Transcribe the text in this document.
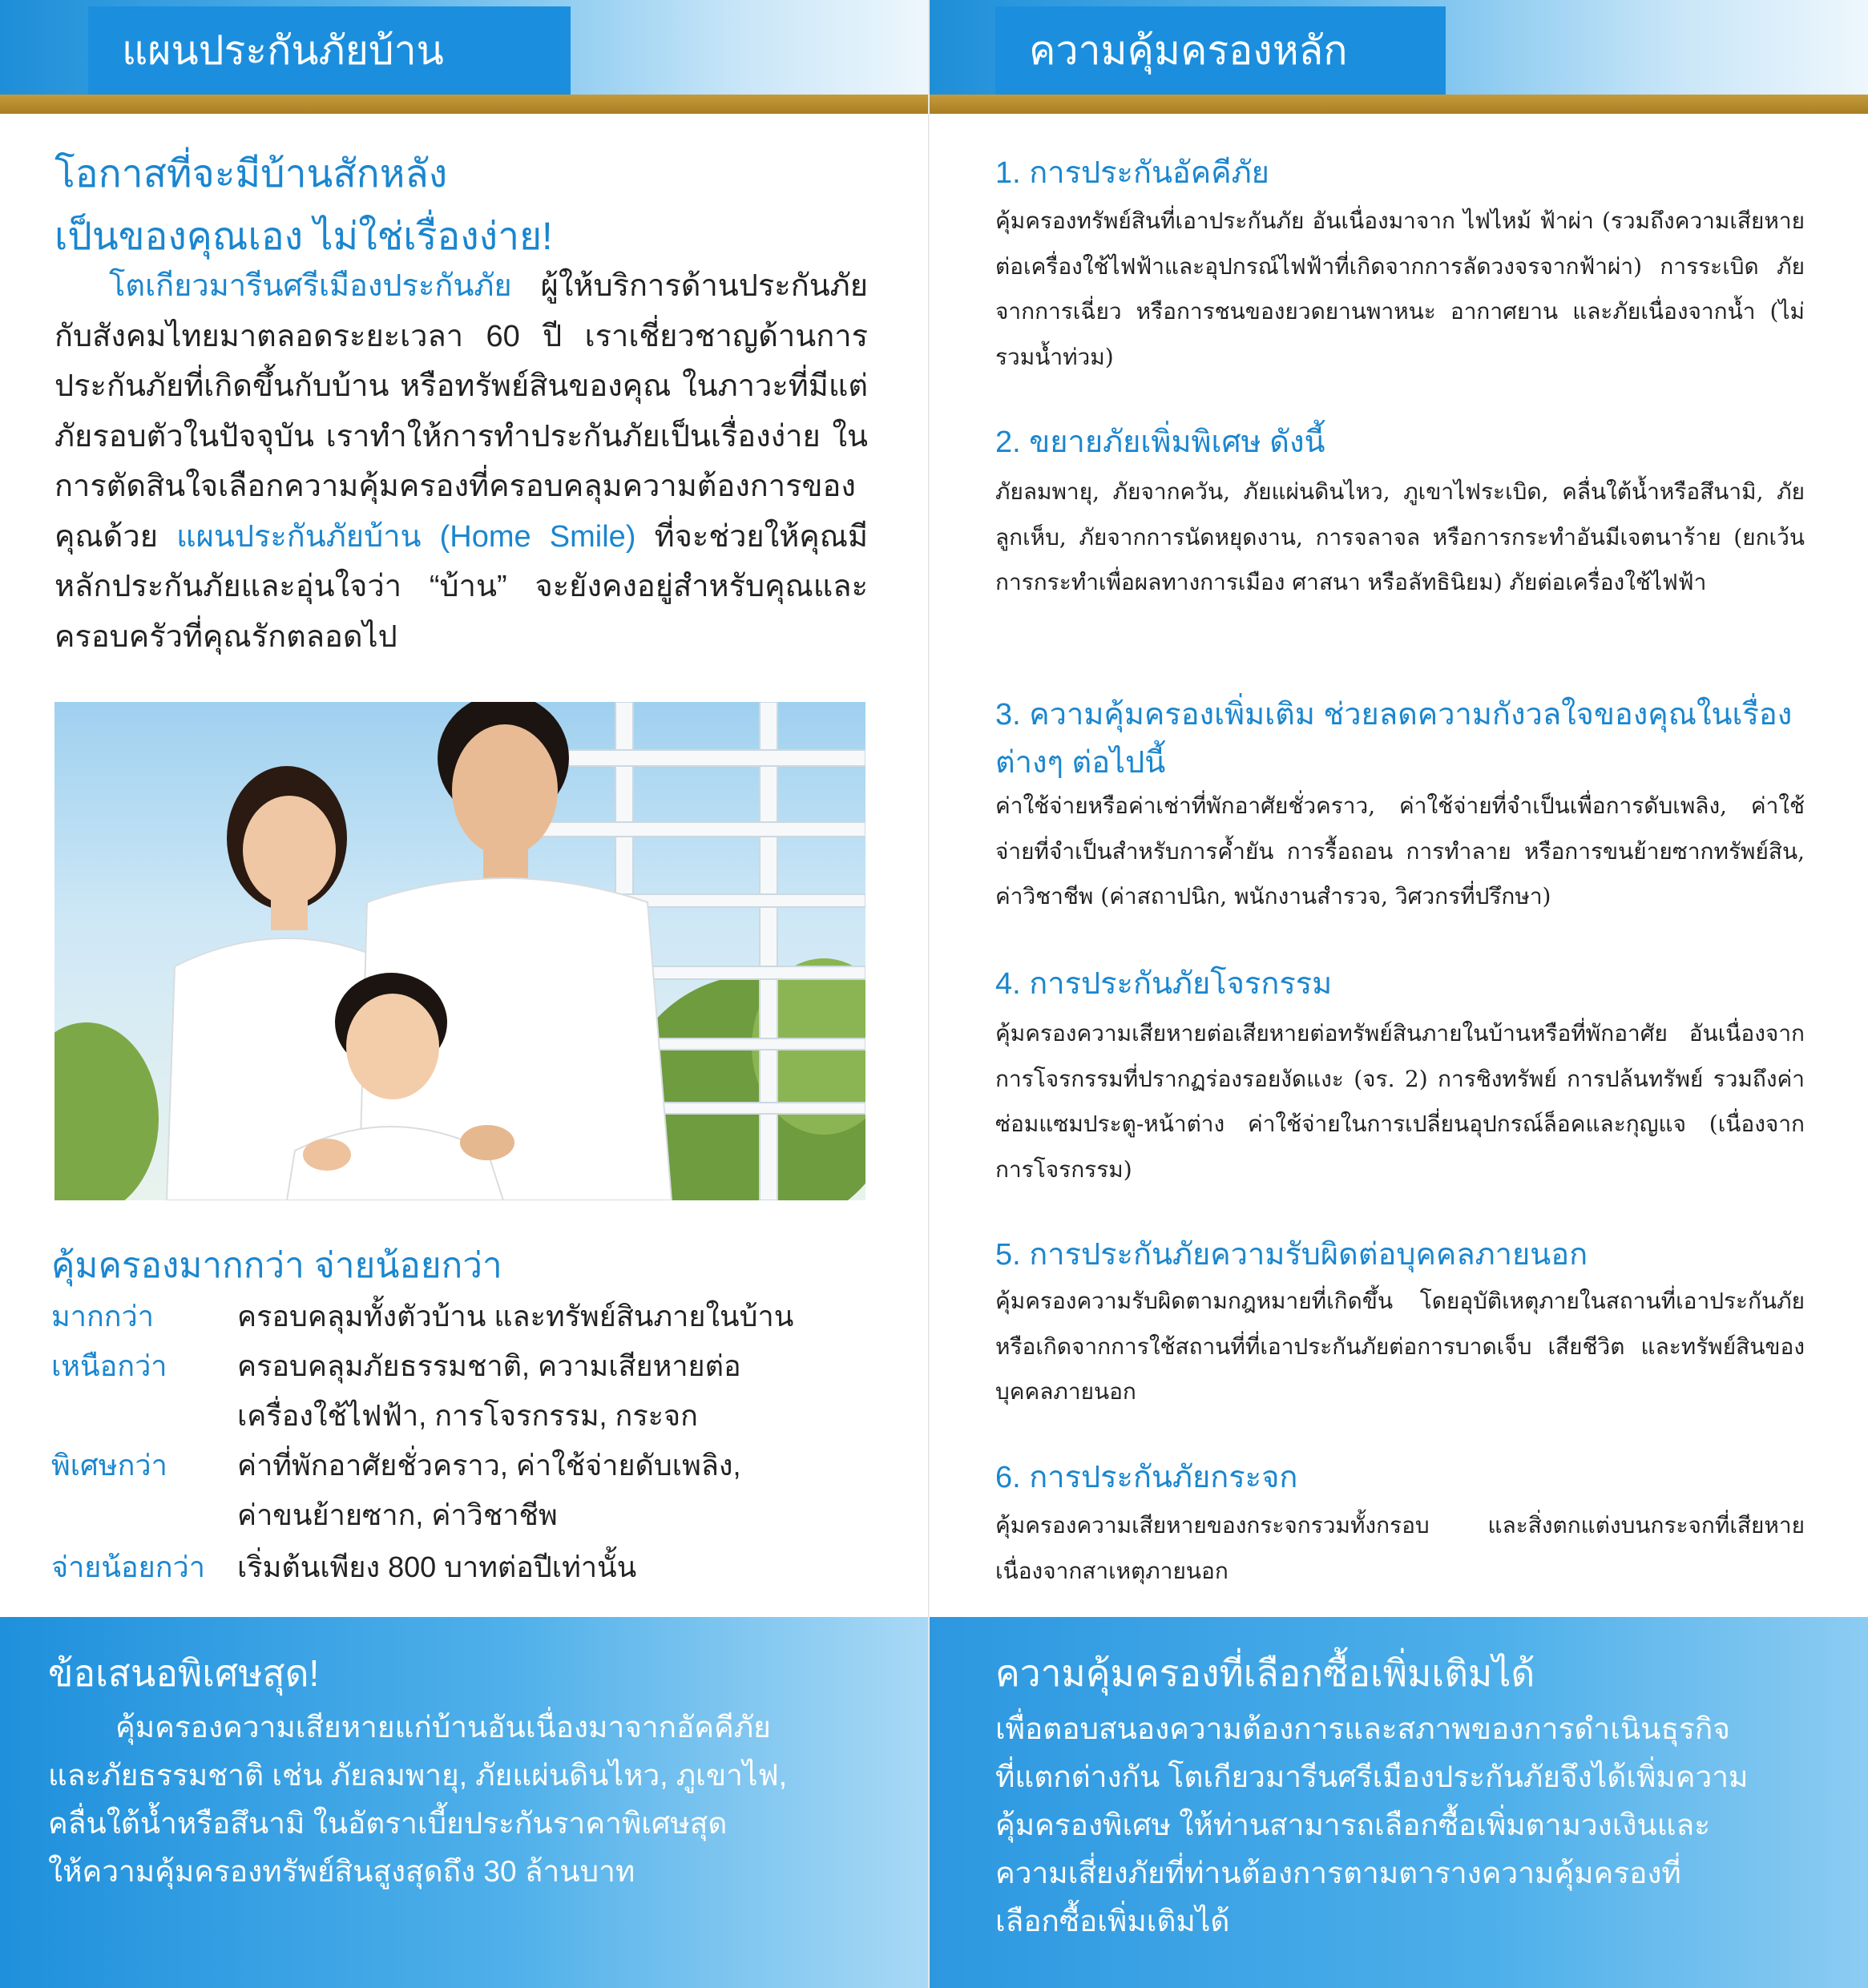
แผนประกันภัยบ้าน
โอกาสที่จะมีบ้านสักหลัง
เป็นของคุณเอง ไม่ใช่เรื่องง่าย!
โตเกียวมารีนศรีเมืองประกันภัย ผู้ให้บริการด้านประกันภัยกับสังคมไทยมาตลอดระยะเวลา 60 ปี เราเชี่ยวชาญด้านการประกันภัยที่เกิดขึ้นกับบ้าน หรือทรัพย์สินของคุณ ในภาวะที่มีแต่ภัยรอบตัวในปัจจุบัน เราทำให้การทำประกันภัยเป็นเรื่องง่าย ในการตัดสินใจเลือกความคุ้มครองที่ครอบคลุมความต้องการของคุณด้วย แผนประกันภัยบ้าน (Home Smile) ที่จะช่วยให้คุณมีหลักประกันภัยและอุ่นใจว่า “บ้าน” จะยังคงอยู่สำหรับคุณและครอบครัวที่คุณรักตลอดไป
คุ้มครองมากกว่า จ่ายน้อยกว่า
มากกว่า	ครอบคลุมทั้งตัวบ้าน และทรัพย์สินภายในบ้าน
เหนือกว่า	ครอบคลุมภัยธรรมชาติ, ความเสียหายต่อ
เครื่องใช้ไฟฟ้า, การโจรกรรม, กระจก
พิเศษกว่า	ค่าที่พักอาศัยชั่วคราว, ค่าใช้จ่ายดับเพลิง,
ค่าขนย้ายซาก, ค่าวิชาชีพ
จ่ายน้อยกว่า	เริ่มต้นเพียง 800 บาทต่อปีเท่านั้น
ข้อเสนอพิเศษสุด!
คุ้มครองความเสียหายแก่บ้านอันเนื่องมาจากอัคคีภัย
และภัยธรรมชาติ เช่น ภัยลมพายุ, ภัยแผ่นดินไหว, ภูเขาไฟ,
คลื่นใต้น้ำหรือสึนามิ ในอัตราเบี้ยประกันราคาพิเศษสุด
ให้ความคุ้มครองทรัพย์สินสูงสุดถึง 30 ล้านบาท
ความคุ้มครองหลัก
1. การประกันอัคคีภัย
คุ้มครองทรัพย์สินที่เอาประกันภัย อันเนื่องมาจาก ไฟไหม้ ฟ้าผ่า (รวมถึงความเสียหายต่อเครื่องใช้ไฟฟ้าและอุปกรณ์ไฟฟ้าที่เกิดจากการลัดวงจรจากฟ้าผ่า) การระเบิด ภัยจากการเฉี่ยว หรือการชนของยวดยานพาหนะ อากาศยาน และภัยเนื่องจากน้ำ (ไม่รวมน้ำท่วม)
2. ขยายภัยเพิ่มพิเศษ ดังนี้
ภัยลมพายุ, ภัยจากควัน, ภัยแผ่นดินไหว, ภูเขาไฟระเบิด, คลื่นใต้น้ำหรือสึนามิ, ภัยลูกเห็บ, ภัยจากการนัดหยุดงาน, การจลาจล หรือการกระทำอันมีเจตนาร้าย (ยกเว้นการกระทำเพื่อผลทางการเมือง ศาสนา หรือลัทธินิยม) ภัยต่อเครื่องใช้ไฟฟ้า
3. ความคุ้มครองเพิ่มเติม ช่วยลดความกังวลใจของคุณในเรื่องต่างๆ ต่อไปนี้
ค่าใช้จ่ายหรือค่าเช่าที่พักอาศัยชั่วคราว, ค่าใช้จ่ายที่จำเป็นเพื่อการดับเพลิง, ค่าใช้จ่ายที่จำเป็นสำหรับการค้ำยัน การรื้อถอน การทำลาย หรือการขนย้ายซากทรัพย์สิน, ค่าวิชาชีพ (ค่าสถาปนิก, พนักงานสำรวจ, วิศวกรที่ปรึกษา)
4. การประกันภัยโจรกรรม
คุ้มครองความเสียหายต่อเสียหายต่อทรัพย์สินภายในบ้านหรือที่พักอาศัย อันเนื่องจากการโจรกรรมที่ปรากฏร่องรอยงัดแงะ (จร. 2) การชิงทรัพย์ การปล้นทรัพย์ รวมถึงค่าซ่อมแซมประตู-หน้าต่าง ค่าใช้จ่ายในการเปลี่ยนอุปกรณ์ล็อคและกุญแจ (เนื่องจากการโจรกรรม)
5. การประกันภัยความรับผิดต่อบุคคลภายนอก
คุ้มครองความรับผิดตามกฎหมายที่เกิดขึ้น โดยอุบัติเหตุภายในสถานที่เอาประกันภัย หรือเกิดจากการใช้สถานที่ที่เอาประกันภัยต่อการบาดเจ็บ เสียชีวิต และทรัพย์สินของบุคคลภายนอก
6. การประกันภัยกระจก
คุ้มครองความเสียหายของกระจกรวมทั้งกรอบ และสิ่งตกแต่งบนกระจกที่เสียหายเนื่องจากสาเหตุภายนอก
ความคุ้มครองที่เลือกซื้อเพิ่มเติมได้
เพื่อตอบสนองความต้องการและสภาพของการดำเนินธุรกิจ
ที่แตกต่างกัน โตเกียวมารีนศรีเมืองประกันภัยจึงได้เพิ่มความ
คุ้มครองพิเศษ ให้ท่านสามารถเลือกซื้อเพิ่มตามวงเงินและ
ความเสี่ยงภัยที่ท่านต้องการตามตารางความคุ้มครองที่
เลือกซื้อเพิ่มเติมได้
